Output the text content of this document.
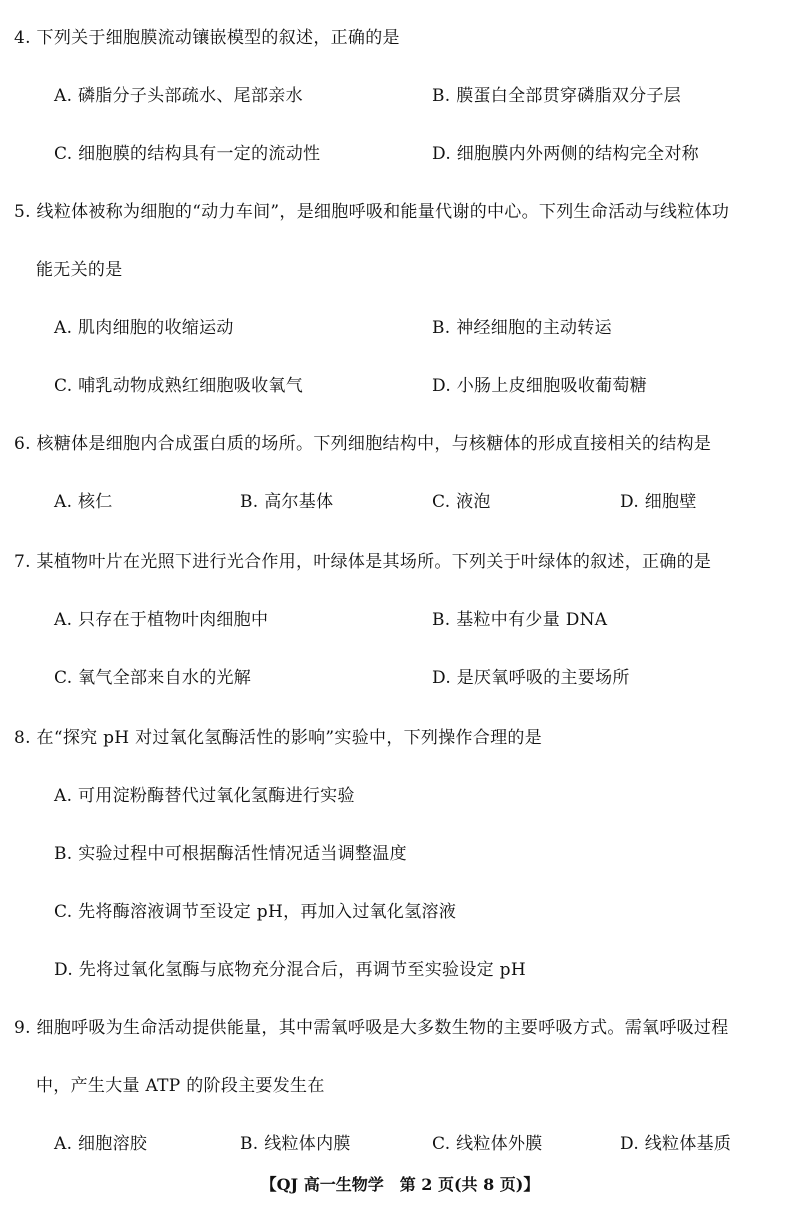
4. 下列关于细胞膜流动镶嵌模型的叙述，正确的是
A. 磷脂分子头部疏水、尾部亲水	B. 膜蛋白全部贯穿磷脂双分子层
C. 细胞膜的结构具有一定的流动性	D. 细胞膜内外两侧的结构完全对称
5. 线粒体被称为细胞的“动力车间”，是细胞呼吸和能量代谢的中心。下列生命活动与线粒体功
能无关的是
A. 肌肉细胞的收缩运动	B. 神经细胞的主动转运
C. 哺乳动物成熟红细胞吸收氧气	D. 小肠上皮细胞吸收葡萄糖
6. 核糖体是细胞内合成蛋白质的场所。下列细胞结构中，与核糖体的形成直接相关的结构是
A. 核仁	B. 高尔基体	C. 液泡	D. 细胞壁
7. 某植物叶片在光照下进行光合作用，叶绿体是其场所。下列关于叶绿体的叙述，正确的是
A. 只存在于植物叶肉细胞中	B. 基粒中有少量 DNA
C. 氧气全部来自水的光解	D. 是厌氧呼吸的主要场所
8. 在“探究 pH 对过氧化氢酶活性的影响”实验中，下列操作合理的是
A. 可用淀粉酶替代过氧化氢酶进行实验
B. 实验过程中可根据酶活性情况适当调整温度
C. 先将酶溶液调节至设定 pH，再加入过氧化氢溶液
D. 先将过氧化氢酶与底物充分混合后，再调节至实验设定 pH
9. 细胞呼吸为生命活动提供能量，其中需氧呼吸是大多数生物的主要呼吸方式。需氧呼吸过程
中，产生大量 ATP 的阶段主要发生在
A. 细胞溶胶	B. 线粒体内膜	C. 线粒体外膜	D. 线粒体基质
【QJ 高一生物学　第 2 页(共 8 页)】
